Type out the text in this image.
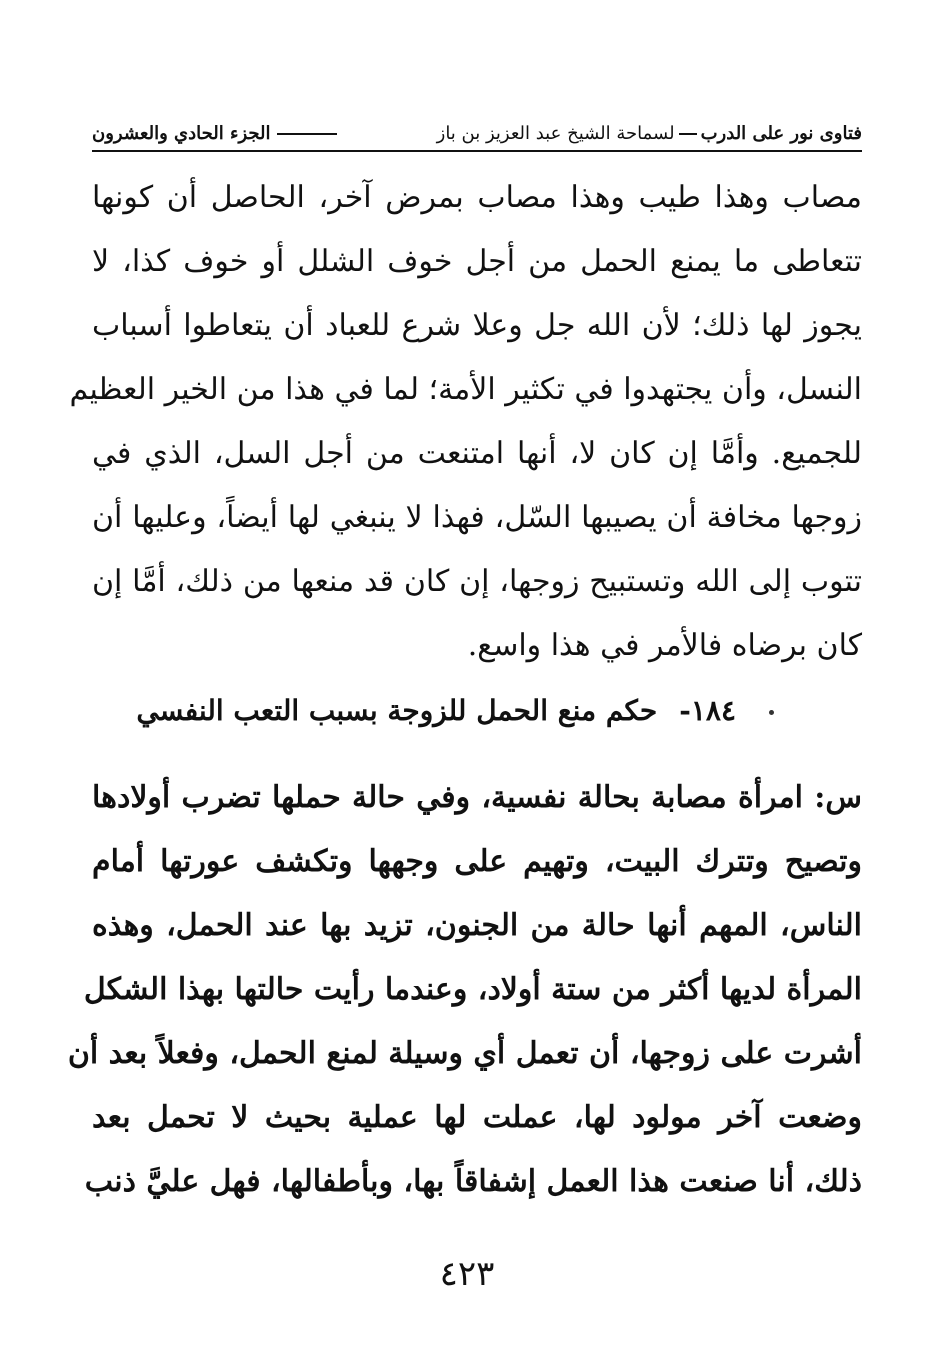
فتاوى نور على الدربلسماحة الشيخ عبد العزيز بن باز
الجزء الحادي والعشرون
مصاب وهذا طيب وهذا مصاب بمرض آخر، الحاصل أن كونها
تتعاطى ما يمنع الحمل من أجل خوف الشلل أو خوف كذا، لا
يجوز لها ذلك؛ لأن الله جل وعلا شرع للعباد أن يتعاطوا أسباب
النسل، وأن يجتهدوا في تكثير الأمة؛ لما في هذا من الخير العظيم
للجميع. وأمَّا إن كان لا، أنها امتنعت من أجل السل، الذي في
زوجها مخافة أن يصيبها السّل، فهذا لا ينبغي لها أيضاً، وعليها أن
تتوب إلى الله وتستبيح زوجها، إن كان قد منعها من ذلك، أمَّا إن
كان برضاه فالأمر في هذا واسع.
١٨٤-حكم منع الحمل للزوجة بسبب التعب النفسي
س: امرأة مصابة بحالة نفسية، وفي حالة حملها تضرب أولادها
وتصيح وتترك البيت، وتهيم على وجهها وتكشف عورتها أمام
الناس، المهم أنها حالة من الجنون، تزيد بها عند الحمل، وهذه
المرأة لديها أكثر من ستة أولاد، وعندما رأيت حالتها بهذا الشكل
أشرت على زوجها، أن تعمل أي وسيلة لمنع الحمل، وفعلاً بعد أن
وضعت آخر مولود لها، عملت لها عملية بحيث لا تحمل بعد
ذلك، أنا صنعت هذا العمل إشفاقاً بها، وبأطفالها، فهل عليَّ ذنب
٤٢٣
